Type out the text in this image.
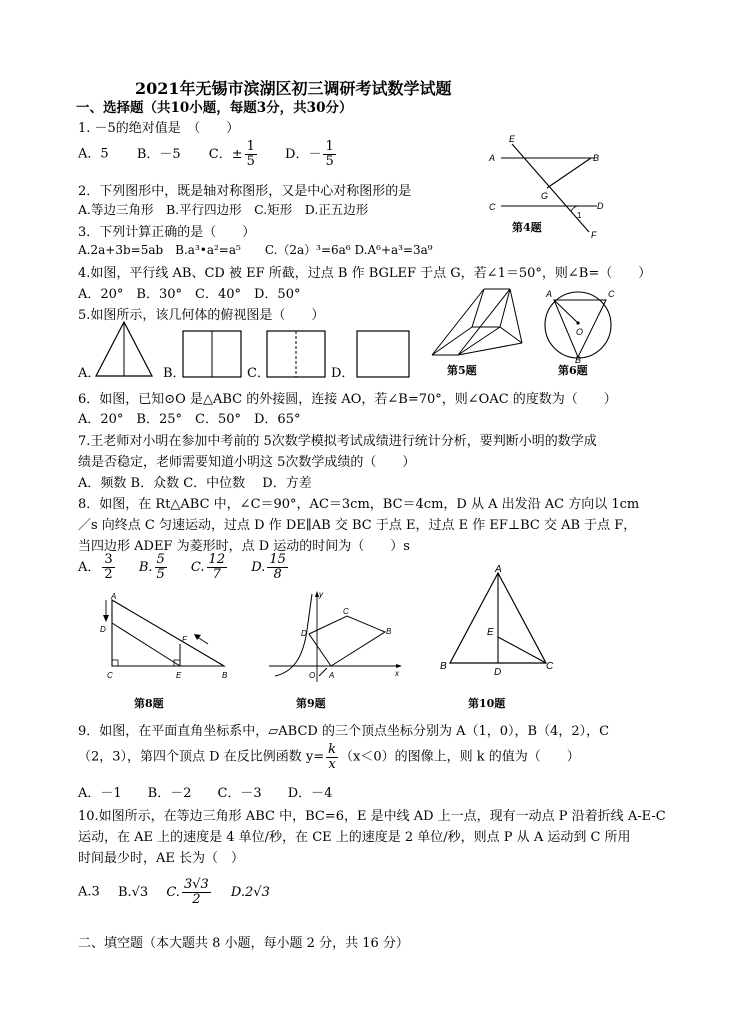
2021年无锡市滨湖区初三调研考试数学试题
一、选择题（共10小题，每题3分，共30分）
1. －5的绝对值是　（　　）
A．5 B．－5 C．± $\frac{1}{5}$ D．－ $\frac{1}{5}$
2．下列图形中，既是轴对称图形，又是中心对称图形的是
A.等边三角形　B.平行四边形　C.矩形　D.正五边形
3．下列计算正确的是（　　）
A.2a+3b=5ab　B.a³•a²=a⁵　　C.（2a）³=6a⁶ D.A⁶+a³=3a⁹
E
A	B
G
C	D
1
F
第4题
4.如图，平行线 AB、CD 被 EF 所截，过点 B 作 BGLEF 于点 G，若∠1＝50°，则∠B=（　　）
A．20°　B．30°　C．40°　D．50°
5.如图所示，该几何体的俯视图是（　　）
A．	B．	C．	D．	第5题
A	C
O
B
第6题
6．如图，已知⊙O 是△ABC 的外接圆，连接 AO，若∠B=70°，则∠OAC 的度数为（　　）
A．20°　B．25°　C．50°　D．65°
7.王老师对小明在参加中考前的 5次数学模拟考试成绩进行统计分析，要判断小明的数学成
绩是否稳定，老师需要知道小明这 5次数学成绩的（　　）
A．频数 B．众数 C．中位数　 D．方差
8．如图，在 Rt△ABC 中，∠C＝90°，AC＝3cm，BC＝4cm，D 从 A 出发沿 AC 方向以 1cm
／s 向终点 C 匀速运动，过点 D 作 DE∥AB 交 BC 于点 E，过点 E 作 EF⊥BC 交 AB 于点 F，
当四边形 ADEF 为菱形时，点 D 运动的时间为（　　）s
A． $\frac{3}{2} B$. $\frac{5}{5} C$. $\frac{12}{7} D$. $\frac{15}{8}$
A
D
F
C	E	B
第8题
y
D
C
B
O A	x
第9题
A
E
B
D
C
第10题
9．如图，在平面直角坐标系中，▱ABCD 的三个顶点坐标分别为 A（1，0），B（4，2），C
（2，3），第四个顶点 D 在反比例函数 $y= \frac{k}{x} (x<0)$的图像上，则 k 的值为（　　）
A．－1　　B．－2　　C．－3　　D．－4
10.如图所示，在等边三角形 ABC 中，BC=6，E 是中线 AD 上一点，现有一动点 P 沿着折线 A-E-C
运动，在 AE 上的速度是 4 单位/秒，在 CE 上的速度是 2 单位/秒，则点 P 从 A 运动到 C 所用
时间最少时，AE 长为（　）
A.3 B.√3 C. $\frac{3√3}{2} D.2√3$
二、填空题（本大题共 8 小题，每小题 2 分，共 16 分）
